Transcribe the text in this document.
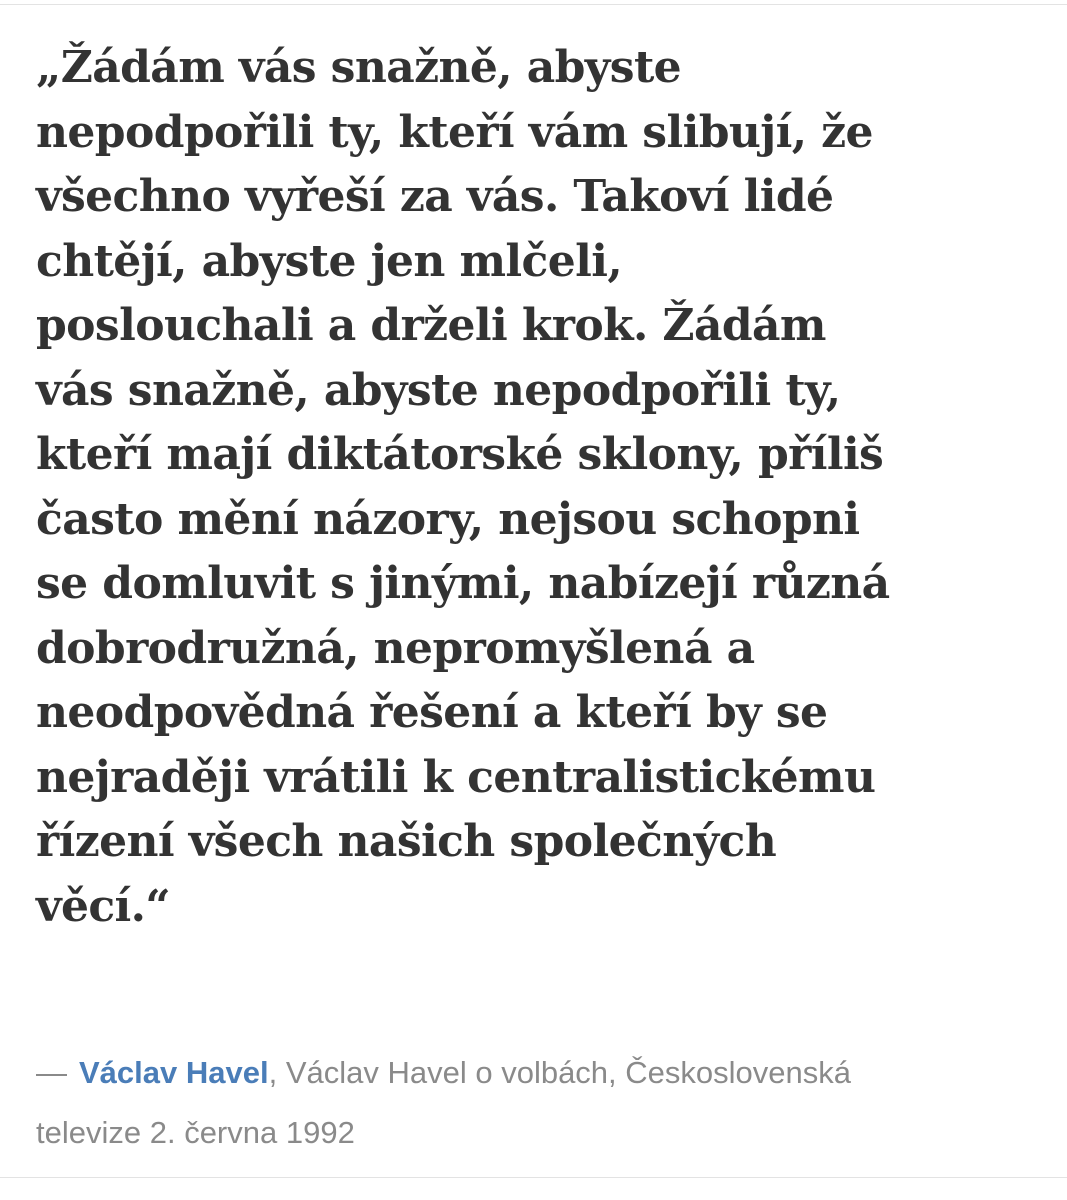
„Žádám vás snažně, abyste
nepodpořili ty, kteří vám slibují, že
všechno vyřeší za vás. Takoví lidé
chtějí, abyste jen mlčeli,
poslouchali a drželi krok. Žádám
vás snažně, abyste nepodpořili ty,
kteří mají diktátorské sklony, příliš
často mění názory, nejsou schopni
se domluvit s jinými, nabízejí různá
dobrodružná, nepromyšlená a
neodpovědná řešení a kteří by se
nejraději vrátili k centralistickému
řízení všech našich společných
věcí.“
— Václav Havel, Václav Havel o volbách, Československá
televize 2. června 1992
